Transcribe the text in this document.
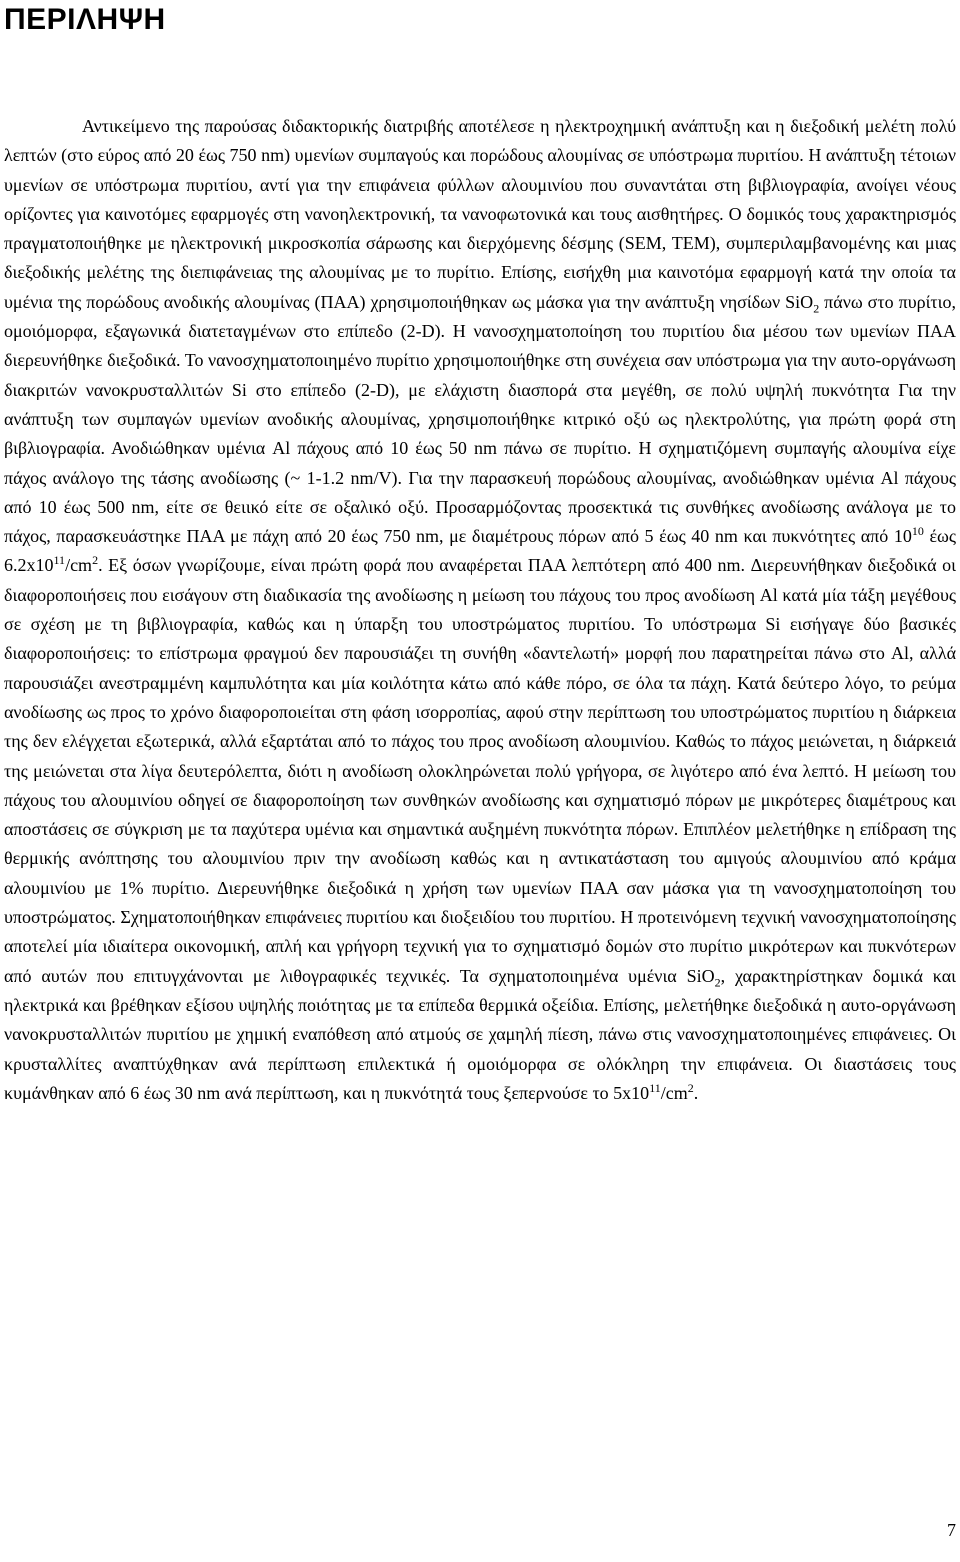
ΠΕΡΙΛΗΨΗ

Αντικείμενο της παρούσας διδακτορικής διατριβής αποτέλεσε η ηλεκτροχημική ανάπτυξη και η διεξοδική μελέτη πολύ λεπτών (στο εύρος από 20 έως 750 nm) υμενίων συμπαγούς και πορώδους αλουμίνας σε υπόστρωμα πυριτίου. Η ανάπτυξη τέτοιων υμενίων σε υπόστρωμα πυριτίου, αντί για την επιφάνεια φύλλων αλουμινίου που συναντάται στη βιβλιογραφία, ανοίγει νέους ορίζοντες για καινοτόμες εφαρμογές στη νανοηλεκτρονική, τα νανοφωτονικά και τους αισθητήρες. Ο δομικός τους χαρακτηρισμός πραγματοποιήθηκε με ηλεκτρονική μικροσκοπία σάρωσης και διερχόμενης δέσμης (SEM, TEM), συμπεριλαμβανομένης και μιας διεξοδικής μελέτης της διεπιφάνειας της αλουμίνας με το πυρίτιο. Επίσης, εισήχθη μια καινοτόμα εφαρμογή κατά την οποία τα υμένια της πορώδους ανοδικής αλουμίνας (ΠΑΑ) χρησιμοποιήθηκαν ως μάσκα για την ανάπτυξη νησίδων SiO$_2$ πάνω στο πυρίτιο, ομοιόμορφα, εξαγωνικά διατεταγμένων στο επίπεδο (2-D). Η νανοσχηματοποίηση του πυριτίου δια μέσου των υμενίων ΠΑΑ διερευνήθηκε διεξοδικά. Το νανοσχηματοποιημένο πυρίτιο χρησιμοποιήθηκε στη συνέχεια σαν υπόστρωμα για την αυτο-οργάνωση διακριτών νανοκρυσταλλιτών Si στο επίπεδο (2-D), με ελάχιστη διασπορά στα μεγέθη, σε πολύ υψηλή πυκνότητα Για την ανάπτυξη των συμπαγών υμενίων ανοδικής αλουμίνας, χρησιμοποιήθηκε κιτρικό οξύ ως ηλεκτρολύτης, για πρώτη φορά στη βιβλιογραφία. Ανοδιώθηκαν υμένια Al πάχους από 10 έως 50 nm πάνω σε πυρίτιο. Η σχηματιζόμενη συμπαγής αλουμίνα είχε πάχος ανάλογο της τάσης ανοδίωσης (~ 1-1.2 nm/V). Για την παρασκευή πορώδους αλουμίνας, ανοδιώθηκαν υμένια Al πάχους από 10 έως 500 nm, είτε σε θειικό είτε σε οξαλικό οξύ. Προσαρμόζοντας προσεκτικά τις συνθήκες ανοδίωσης ανάλογα με το πάχος, παρασκευάστηκε ΠΑΑ με πάχη από 20 έως 750 nm, με διαμέτρους πόρων από 5 έως 40 nm και πυκνότητες από $10^{10}$ έως $6.2x10^{11}/cm^2$. Εξ όσων γνωρίζουμε, είναι πρώτη φορά που αναφέρεται ΠΑΑ λεπτότερη από 400 nm. Διερευνήθηκαν διεξοδικά οι διαφοροποιήσεις που εισάγουν στη διαδικασία της ανοδίωσης η μείωση του πάχους του προς ανοδίωση Al κατά μία τάξη μεγέθους σε σχέση με τη βιβλιογραφία, καθώς και η ύπαρξη του υποστρώματος πυριτίου. Το υπόστρωμα Si εισήγαγε δύο βασικές διαφοροποιήσεις: το επίστρωμα φραγμού δεν παρουσιάζει τη συνήθη «δαντελωτή» μορφή που παρατηρείται πάνω στο Al, αλλά παρουσιάζει ανεστραμμένη καμπυλότητα και μία κοιλότητα κάτω από κάθε πόρο, σε όλα τα πάχη. Κατά δεύτερο λόγο, το ρεύμα ανοδίωσης ως προς το χρόνο διαφοροποιείται στη φάση ισορροπίας, αφού στην περίπτωση του υποστρώματος πυριτίου η διάρκεια της δεν ελέγχεται εξωτερικά, αλλά εξαρτάται από το πάχος του προς ανοδίωση αλουμινίου. Καθώς το πάχος μειώνεται, η διάρκειά της μειώνεται στα λίγα δευτερόλεπτα, διότι η ανοδίωση ολοκληρώνεται πολύ γρήγορα, σε λιγότερο από ένα λεπτό. Η μείωση του πάχους του αλουμινίου οδηγεί σε διαφοροποίηση των συνθηκών ανοδίωσης και σχηματισμό πόρων με μικρότερες διαμέτρους και αποστάσεις σε σύγκριση με τα παχύτερα υμένια και σημαντικά αυξημένη πυκνότητα πόρων. Επιπλέον μελετήθηκε η επίδραση της θερμικής ανόπτησης του αλουμινίου πριν την ανοδίωση καθώς και η αντικατάσταση του αμιγούς αλουμινίου από κράμα αλουμινίου με 1% πυρίτιο. Διερευνήθηκε διεξοδικά η χρήση των υμενίων ΠΑΑ σαν μάσκα για τη νανοσχηματοποίηση του υποστρώματος. Σχηματοποιήθηκαν επιφάνειες πυριτίου και διοξειδίου του πυριτίου. Η προτεινόμενη τεχνική νανοσχηματοποίησης αποτελεί μία ιδιαίτερα οικονομική, απλή και γρήγορη τεχνική για το σχηματισμό δομών στο πυρίτιο μικρότερων και πυκνότερων από αυτών που επιτυγχάνονται με λιθογραφικές τεχνικές. Τα σχηματοποιημένα υμένια SiO$_2$, χαρακτηρίστηκαν δομικά και ηλεκτρικά και βρέθηκαν εξίσου υψηλής ποιότητας με τα επίπεδα θερμικά οξείδια. Επίσης, μελετήθηκε διεξοδικά η αυτο-οργάνωση νανοκρυσταλλιτών πυριτίου με χημική εναπόθεση από ατμούς σε χαμηλή πίεση, πάνω στις νανοσχηματοποιημένες επιφάνειες. Οι κρυσταλλίτες αναπτύχθηκαν ανά περίπτωση επιλεκτικά ή ομοιόμορφα σε ολόκληρη την επιφάνεια. Οι διαστάσεις τους κυμάνθηκαν από 6 έως 30 nm ανά περίπτωση, και η πυκνότητά τους ξεπερνούσε το $5x10^{11}/cm^2$.

7
